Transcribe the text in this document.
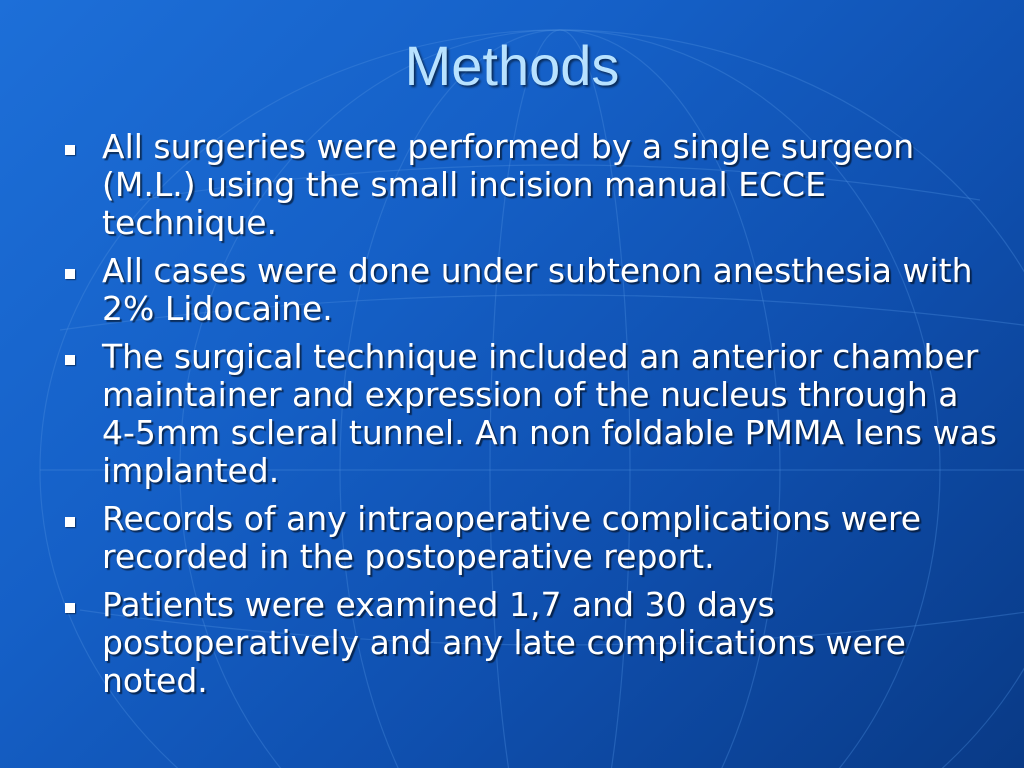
Methods
All surgeries were performed by a single surgeon (M.L.) using the small incision manual ECCE technique.
All cases were done under subtenon anesthesia with 2% Lidocaine.
The surgical technique included an anterior chamber maintainer and expression of the nucleus through a 4-5mm scleral tunnel. An non foldable PMMA lens was implanted.
Records of any intraoperative complications were recorded in the postoperative report.
Patients were examined 1,7 and 30 days postoperatively and any late complications were noted.
